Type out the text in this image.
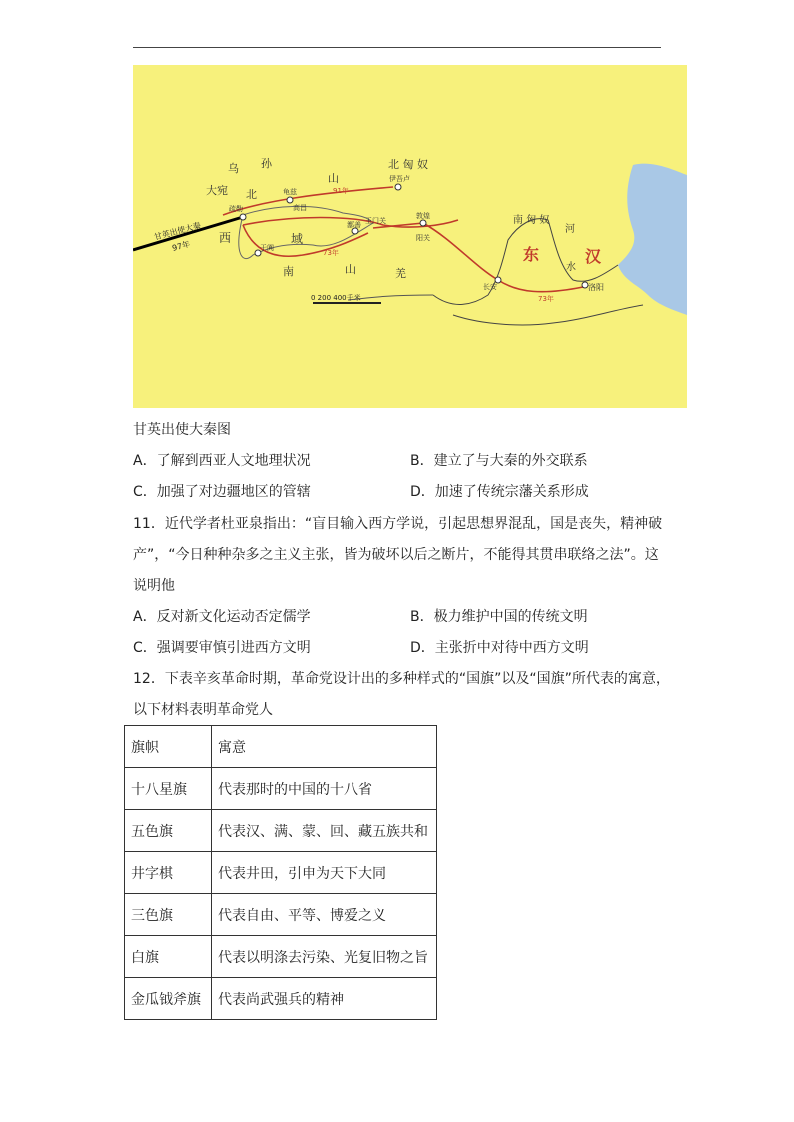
乌 孙
山
北 匈 奴
大宛 北
西	域
南	山	羌
南 匈 奴
河
水
东	汉
玉门关
敦煌
阳关
疏勒
龟兹
伊吾卢
高昌
于阗
鄯善
洛阳
长安
91年
73年
73年
甘英出使大秦
97年
0 200 400千米
甘英出使大秦图
A．了解到西亚人文地理状况	B．建立了与大秦的外交联系
C．加强了对边疆地区的管辖	D．加速了传统宗藩关系形成
11．近代学者杜亚泉指出：“盲目输入西方学说，引起思想界混乱，国是丧失，精神破
产”，“今日种种杂多之主义主张，皆为破坏以后之断片，不能得其贯串联络之法”。这
说明他
A．反对新文化运动否定儒学	B．极力维护中国的传统文明
C．强调要审慎引进西方文明	D．主张折中对待中西方文明
12．下表辛亥革命时期，革命党设计出的多种样式的“国旗”以及“国旗”所代表的寓意，
以下材料表明革命党人
旗帜	寓意
十八星旗	代表那时的中国的十八省
五色旗	代表汉、满、蒙、回、藏五族共和
井字棋	代表井田，引申为天下大同
三色旗	代表自由、平等、博爱之义
白旗	代表以明涤去污染、光复旧物之旨
金瓜钺斧旗	代表尚武强兵的精神
